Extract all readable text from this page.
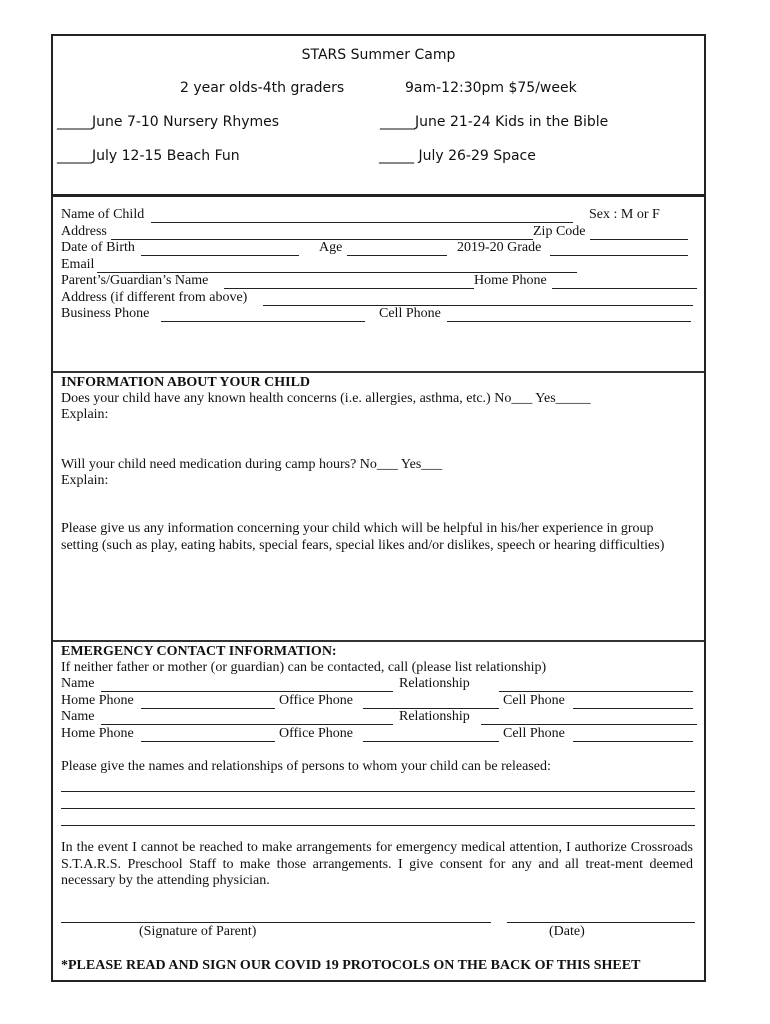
STARS Summer Camp
2 year olds-4th graders	9am-12:30pm $75/week
_____June 7-10 Nursery Rhymes	_____June 21-24 Kids in the Bible
_____July 12-15 Beach Fun	_____ July 26-29 Space
Name of Child	Sex : M or F
Address	Zip Code
Date of Birth	Age	2019-20 Grade
Email
Parent’s/Guardian’s Name	Home Phone
Address (if different from above)
Business Phone	Cell Phone
INFORMATION ABOUT YOUR CHILD
Does your child have any known health concerns (i.e. allergies, asthma, etc.) No___ Yes_____
Explain:
Will your child need medication during camp hours? No___ Yes___
Explain:
Please give us any information concerning your child which will be helpful in his/her experience in group setting (such as play, eating habits, special fears, special likes and/or dislikes, speech or hearing difficulties)
EMERGENCY CONTACT INFORMATION:
If neither father or mother (or guardian) can be contacted, call (please list relationship)
Name	Relationship
Home Phone	Office Phone	Cell Phone
Name	Relationship
Home Phone	Office Phone	Cell Phone
Please give the names and relationships of persons to whom your child can be released:
In the event I cannot be reached to make arrangements for emergency medical attention, I authorize Crossroads S.T.A.R.S. Preschool Staff to make those arrangements. I give consent for any and all treat-ment deemed necessary by the attending physician.
(Signature of Parent)	(Date)
*PLEASE READ AND SIGN OUR COVID 19 PROTOCOLS ON THE BACK OF THIS SHEET
